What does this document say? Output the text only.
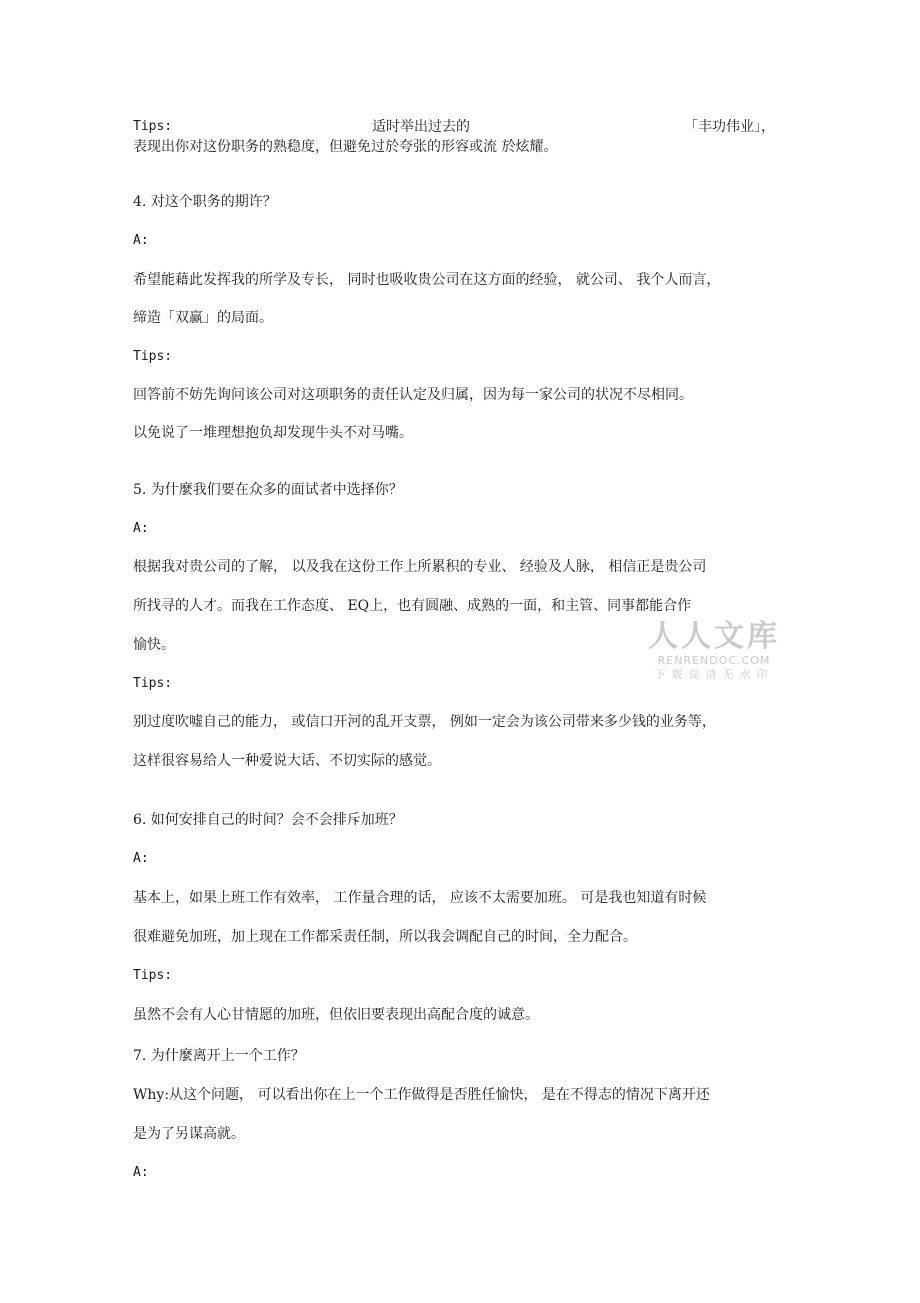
Tips:	适时举出过去的	「丰功伟业」，
表现出你对这份职务的熟稳度，但避免过於夸张的形容或流 於炫耀。
4. 对这个职务的期许？
A:
希望能藉此发挥我的所学及专长， 同时也吸收贵公司在这方面的经验， 就公司、 我个人而言，
缔造「双赢」的局面。
Tips:
回答前不妨先询问该公司对这项职务的责任认定及归属，因为每一家公司的状况不尽相同。
以免说了一堆理想抱负却发现牛头不对马嘴。
5. 为什麼我们要在众多的面试者中选择你？
A:
根据我对贵公司的了解， 以及我在这份工作上所累积的专业、 经验及人脉， 相信正是贵公司
所找寻的人才。而我在工作态度、 EQ上，也有圆融、成熟的一面，和主管、同事都能合作
愉快。
Tips:
别过度吹嘘自己的能力， 或信口开河的乱开支票， 例如一定会为该公司带来多少钱的业务等，
这样很容易给人一种爱说大话、不切实际的感觉。
6. 如何安排自己的时间？会不会排斥加班？
A:
基本上，如果上班工作有效率， 工作量合理的话， 应该不太需要加班。 可是我也知道有时候
很难避免加班，加上现在工作都采责任制，所以我会调配自己的时间，全力配合。
Tips:
虽然不会有人心甘情愿的加班，但依旧要表现出高配合度的诚意。
7. 为什麼离开上一个工作？
Why:从这个问题， 可以看出你在上一个工作做得是否胜任愉快， 是在不得志的情况下离开还
是为了另谋高就。
A:
人人文库
RENRENDOC.COM
下载高清无水印
